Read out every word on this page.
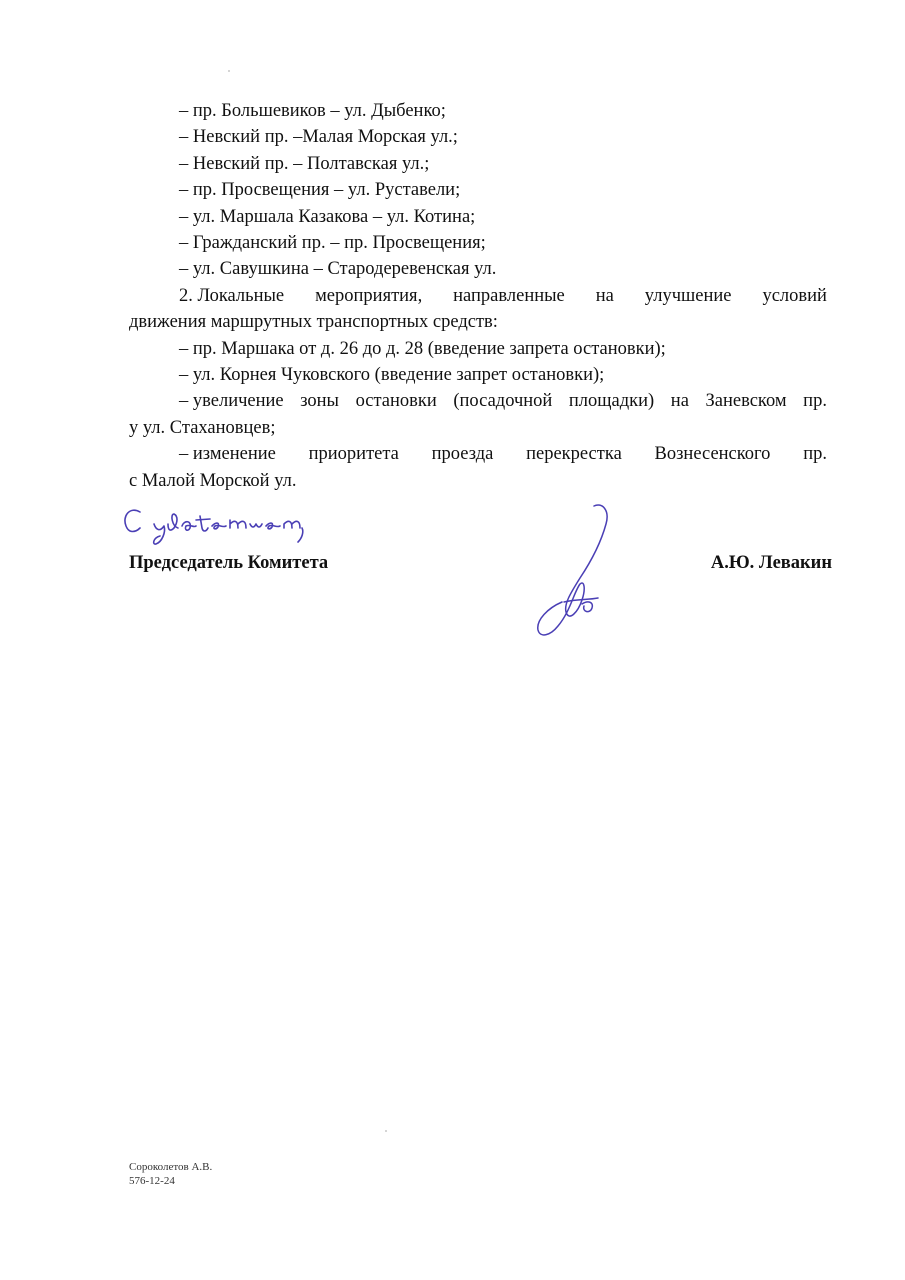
– пр. Большевиков – ул. Дыбенко;
– Невский пр. –Малая Морская ул.;
– Невский пр. – Полтавская ул.;
– пр. Просвещения – ул. Руставели;
– ул. Маршала Казакова – ул. Котина;
– Гражданский пр. – пр. Просвещения;
– ул. Савушкина – Стародеревенская ул.
2. Локальные мероприятия, направленные на улучшение условий
движения маршрутных транспортных средств:
– пр. Маршака от д. 26 до д. 28 (введение запрета остановки);
– ул. Корнея Чуковского (введение запрет остановки);
– увеличение зоны остановки (посадочной площадки) на Заневском пр.
у ул. Стахановцев;
– изменение приоритета проезда перекрестка Вознесенского пр.
с Малой Морской ул.
Председатель Комитета	А.Ю. Левакин
Сороколетов А.В.
576-12-24
